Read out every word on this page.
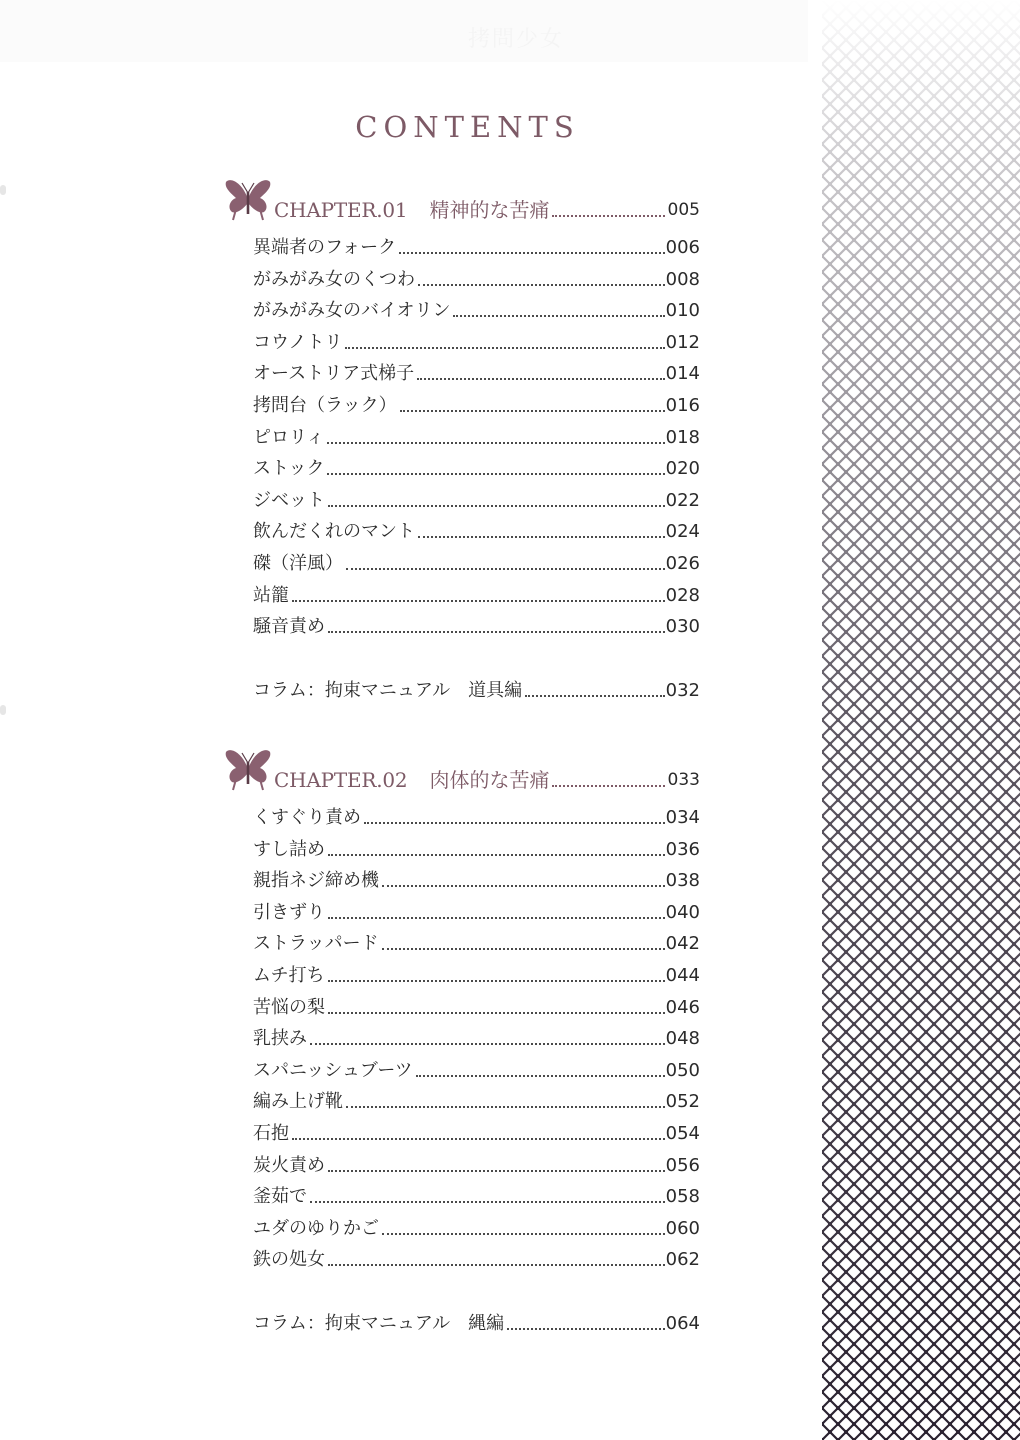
拷問少女
CONTENTS
CHAPTER.01 精神的な苦痛	005
異端者のフォーク	006
がみがみ女のくつわ	008
がみがみ女のバイオリン	010
コウノトリ	012
オーストリア式梯子	014
拷問台（ラック）	016
ピロリィ	018
ストック	020
ジベット	022
飲んだくれのマント	024
磔（洋風）	026
站籠	028
騒音責め	030
コラム：拘束マニュアル　道具編	032
CHAPTER.02 肉体的な苦痛	033
くすぐり責め	034
すし詰め	036
親指ネジ締め機	038
引きずり	040
ストラッパード	042
ムチ打ち	044
苦悩の梨	046
乳挟み	048
スパニッシュブーツ	050
編み上げ靴	052
石抱	054
炭火責め	056
釜茹で	058
ユダのゆりかご	060
鉄の処女	062
コラム：拘束マニュアル　縄編	064
